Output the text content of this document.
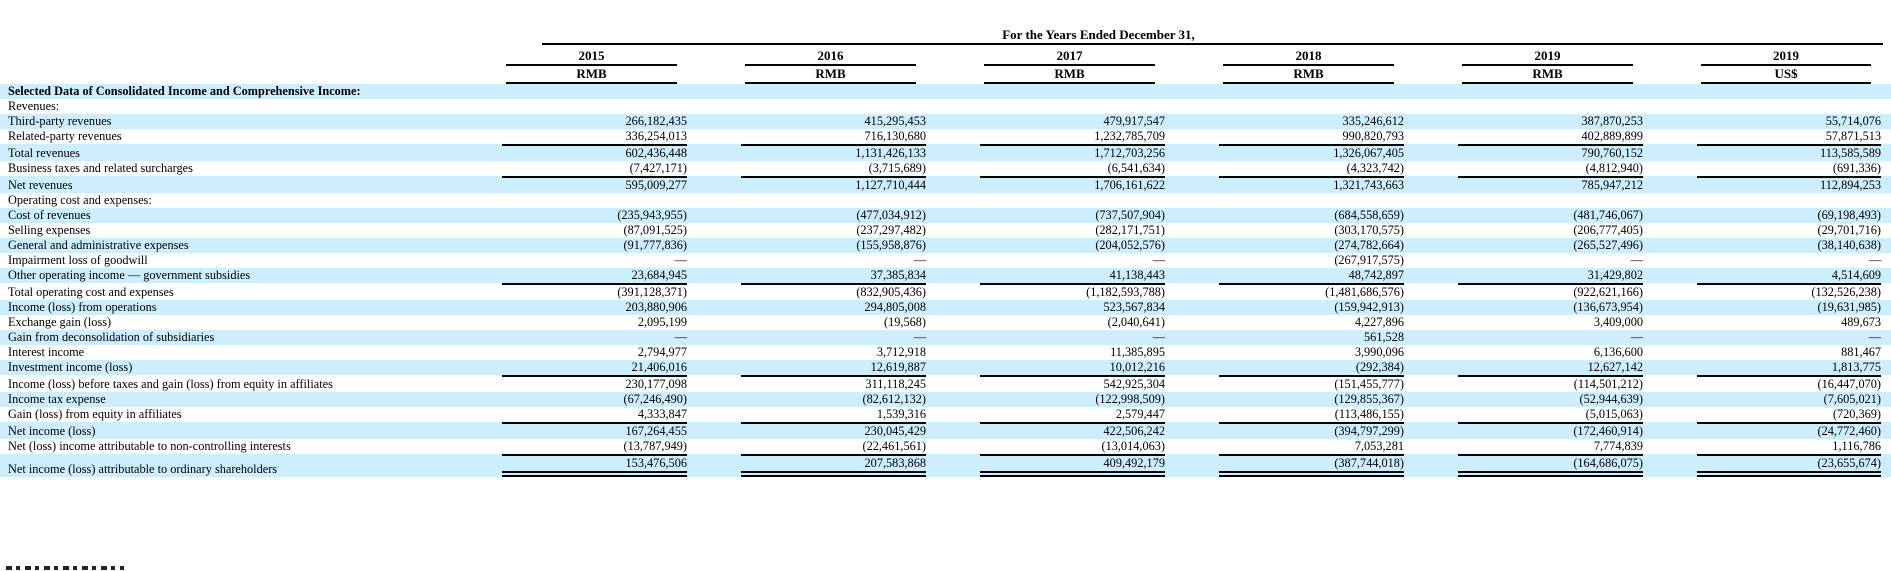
	For the Years Ended December 31,					

	2015	2016	2017	2018	2019	2019

	RMB	RMB	RMB	RMB	RMB	US$

Selected Data of Consolidated Income and Comprehensive Income:	

Revenues:	

Third-party revenues	266,182,435	415,295,453	479,917,547	335,246,612	387,870,253	55,714,076

Related-party revenues	336,254,013	716,130,680	1,232,785,709	990,820,793	402,889,899	57,871,513

Total revenues	602,436,448	1,131,426,133	1,712,703,256	1,326,067,405	790,760,152	113,585,589

Business taxes and related surcharges	(7,427,171)	(3,715,689)	(6,541,634)	(4,323,742)	(4,812,940)	(691,336)

Net revenues	595,009,277	1,127,710,444	1,706,161,622	1,321,743,663	785,947,212	112,894,253

Operating cost and expenses:	

Cost of revenues	(235,943,955)	(477,034,912)	(737,507,904)	(684,558,659)	(481,746,067)	(69,198,493)

Selling expenses	(87,091,525)	(237,297,482)	(282,171,751)	(303,170,575)	(206,777,405)	(29,701,716)

General and administrative expenses	(91,777,836)	(155,958,876)	(204,052,576)	(274,782,664)	(265,527,496)	(38,140,638)

Impairment loss of goodwill	—	—	—	(267,917,575)	—	—

Other operating income — government subsidies	23,684,945	37,385,834	41,138,443	48,742,897	31,429,802	4,514,609

Total operating cost and expenses	(391,128,371)	(832,905,436)	(1,182,593,788)	(1,481,686,576)	(922,621,166)	(132,526,238)

Income (loss) from operations	203,880,906	294,805,008	523,567,834	(159,942,913)	(136,673,954)	(19,631,985)

Exchange gain (loss)	2,095,199	(19,568)	(2,040,641)	4,227,896	3,409,000	489,673

Gain from deconsolidation of subsidiaries	—	—	—	561,528	—	—

Interest income	2,794,977	3,712,918	11,385,895	3,990,096	6,136,600	881,467

Investment income (loss)	21,406,016	12,619,887	10,012,216	(292,384)	12,627,142	1,813,775

Income (loss) before taxes and gain (loss) from equity in affiliates	230,177,098	311,118,245	542,925,304	(151,455,777)	(114,501,212)	(16,447,070)

Income tax expense	(67,246,490)	(82,612,132)	(122,998,509)	(129,855,367)	(52,944,639)	(7,605,021)

Gain (loss) from equity in affiliates	4,333,847	1,539,316	2,579,447	(113,486,155)	(5,015,063)	(720,369)

Net income (loss)	167,264,455	230,045,429	422,506,242	(394,797,299)	(172,460,914)	(24,772,460)

Net (loss) income attributable to non-controlling interests	(13,787,949)	(22,461,561)	(13,014,063)	7,053,281	7,774,839	1,116,786

Net income (loss) attributable to ordinary shareholders	153,476,506	207,583,868	409,492,179	(387,744,018)	(164,686,075)	(23,655,674)
